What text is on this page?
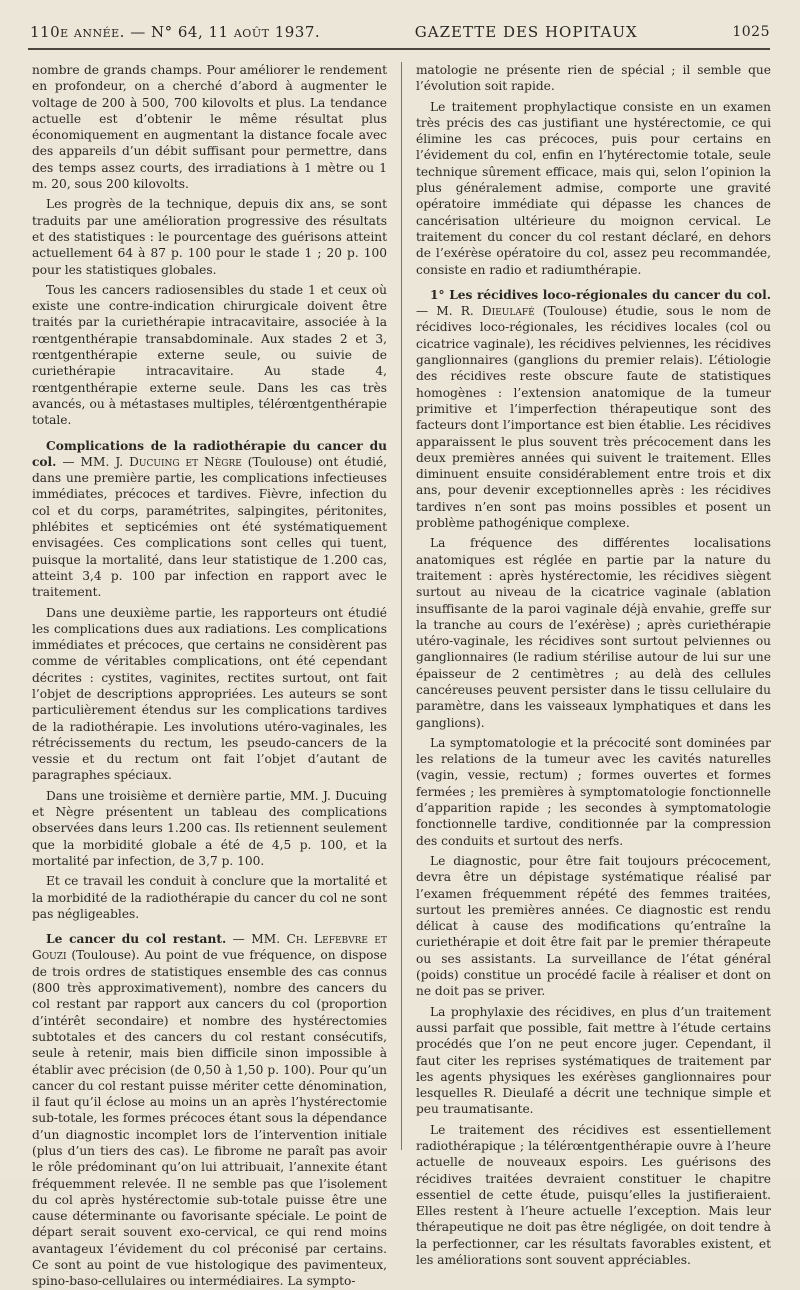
110e année. — N° 64, 11 août 1937.	GAZETTE DES HOPITAUX	1025

nombre de grands champs. Pour améliorer le rendement en profondeur, on a cherché d’abord à augmenter le voltage de 200 à 500, 700 kilovolts et plus. La tendance actuelle est d’obtenir le même résultat plus économiquement en augmentant la distance focale avec des appareils d’un débit suffisant pour permettre, dans des temps assez courts, des irradiations à 1 mètre ou 1 m. 20, sous 200 kilovolts.

Les progrès de la technique, depuis dix ans, se sont traduits par une amélioration progressive des résultats et des statistiques : le pourcentage des guérisons atteint actuellement 64 à 87 p. 100 pour le stade 1 ; 20 p. 100 pour les statistiques globales.

Tous les cancers radiosensibles du stade 1 et ceux où existe une contre-indication chirurgicale doivent être traités par la curiethérapie intracavitaire, associée à la rœntgenthérapie transabdominale. Aux stades 2 et 3, rœntgenthérapie externe seule, ou suivie de curiethérapie intracavitaire. Au stade 4, rœntgenthérapie externe seule. Dans les cas très avancés, ou à métastases multiples, télérœntgenthérapie totale.

Complications de la radiothérapie du cancer du col. — MM. J. Ducuing et Nègre (Toulouse) ont étudié, dans une première partie, les complications infectieuses immédiates, précoces et tardives. Fièvre, infection du col et du corps, paramétrites, salpingites, péritonites, phlébites et septicémies ont été systématiquement envisagées. Ces complications sont celles qui tuent, puisque la mortalité, dans leur statistique de 1.200 cas, atteint 3,4 p. 100 par infection en rapport avec le traitement.

Dans une deuxième partie, les rapporteurs ont étudié les complications dues aux radiations. Les complications immédiates et précoces, que certains ne considèrent pas comme de véritables complications, ont été cependant décrites : cystites, vaginites, rectites surtout, ont fait l’objet de descriptions appropriées. Les auteurs se sont particulièrement étendus sur les complications tardives de la radiothérapie. Les involutions utéro-vaginales, les rétrécissements du rectum, les pseudo-cancers de la vessie et du rectum ont fait l’objet d’autant de paragraphes spéciaux.

Dans une troisième et dernière partie, MM. J. Ducuing et Nègre présentent un tableau des complications observées dans leurs 1.200 cas. Ils retiennent seulement que la morbidité globale a été de 4,5 p. 100, et la mortalité par infection, de 3,7 p. 100.

Et ce travail les conduit à conclure que la mortalité et la morbidité de la radiothérapie du cancer du col ne sont pas négligeables.

Le cancer du col restant. — MM. Ch. Lefebvre et Gouzi (Toulouse). Au point de vue fréquence, on dispose de trois ordres de statistiques ensemble des cas connus (800 très approximativement), nombre des cancers du col restant par rapport aux cancers du col (proportion d’intérêt secondaire) et nombre des hystérectomies subtotales et des cancers du col restant consécutifs, seule à retenir, mais bien difficile sinon impossible à établir avec précision (de 0,50 à 1,50 p. 100). Pour qu’un cancer du col restant puisse mériter cette dénomination, il faut qu’il éclose au moins un an après l’hystérectomie sub-totale, les formes précoces étant sous la dépendance d’un diagnostic incomplet lors de l’intervention initiale (plus d’un tiers des cas). Le fibrome ne paraît pas avoir le rôle prédominant qu’on lui attribuait, l’annexite étant fréquemment relevée. Il ne semble pas que l’isolement du col après hystérectomie sub-totale puisse être une cause déterminante ou favorisante spéciale. Le point de départ serait souvent exo-cervical, ce qui rend moins avantageux l’évidement du col préconisé par certains. Ce sont au point de vue histologique des pavimenteux, spino-baso-cellulaires ou intermédiaires. La sympto-

matologie ne présente rien de spécial ; il semble que l’évolution soit rapide.

Le traitement prophylactique consiste en un examen très précis des cas justifiant une hystérectomie, ce qui élimine les cas précoces, puis pour certains en l’évidement du col, enfin en l’hytérectomie totale, seule technique sûrement efficace, mais qui, selon l’opinion la plus généralement admise, comporte une gravité opératoire immédiate qui dépasse les chances de cancérisation ultérieure du moignon cervical. Le traitement du concer du col restant déclaré, en dehors de l’exérèse opératoire du col, assez peu recommandée, consiste en radio et radiumthérapie.

1° Les récidives loco-régionales du cancer du col. — M. R. Dieulafé (Toulouse) étudie, sous le nom de récidives loco-régionales, les récidives locales (col ou cicatrice vaginale), les récidives pelviennes, les récidives ganglionnaires (ganglions du premier relais). L’étiologie des récidives reste obscure faute de statistiques homogènes : l’extension anatomique de la tumeur primitive et l’imperfection thérapeutique sont des facteurs dont l’importance est bien établie. Les récidives apparaissent le plus souvent très précocement dans les deux premières années qui suivent le traitement. Elles diminuent ensuite considérablement entre trois et dix ans, pour devenir exceptionnelles après : les récidives tardives n’en sont pas moins possibles et posent un problème pathogénique complexe.

La fréquence des différentes localisations anatomiques est réglée en partie par la nature du traitement : après hystérectomie, les récidives siègent surtout au niveau de la cicatrice vaginale (ablation insuffisante de la paroi vaginale déjà envahie, greffe sur la tranche au cours de l’exérèse) ; après curiethérapie utéro-vaginale, les récidives sont surtout pelviennes ou ganglionnaires (le radium stérilise autour de lui sur une épaisseur de 2 centimètres ; au delà des cellules cancéreuses peuvent persister dans le tissu cellulaire du paramètre, dans les vaisseaux lymphatiques et dans les ganglions).

La symptomatologie et la précocité sont dominées par les relations de la tumeur avec les cavités naturelles (vagin, vessie, rectum) ; formes ouvertes et formes fermées ; les premières à symptomatologie fonctionnelle d’apparition rapide ; les secondes à symptomatologie fonctionnelle tardive, conditionnée par la compression des conduits et surtout des nerfs.

Le diagnostic, pour être fait toujours précocement, devra être un dépistage systématique réalisé par l’examen fréquemment répété des femmes traitées, surtout les premières années. Ce diagnostic est rendu délicat à cause des modifications qu’entraîne la curiethérapie et doit être fait par le premier thérapeute ou ses assistants. La surveillance de l’état général (poids) constitue un procédé facile à réaliser et dont on ne doit pas se priver.

La prophylaxie des récidives, en plus d’un traitement aussi parfait que possible, fait mettre à l’étude certains procédés que l’on ne peut encore juger. Cependant, il faut citer les reprises systématiques de traitement par les agents physiques les exérèses ganglionnaires pour lesquelles R. Dieulafé a décrit une technique simple et peu traumatisante.

Le traitement des récidives est essentiellement radiothérapique ; la télérœntgenthérapie ouvre à l’heure actuelle de nouveaux espoirs. Les guérisons des récidives traitées devraient constituer le chapitre essentiel de cette étude, puisqu’elles la justifieraient. Elles restent à l’heure actuelle l’exception. Mais leur thérapeutique ne doit pas être négligée, on doit tendre à la perfectionner, car les résultats favorables existent, et les améliorations sont souvent appréciables.
